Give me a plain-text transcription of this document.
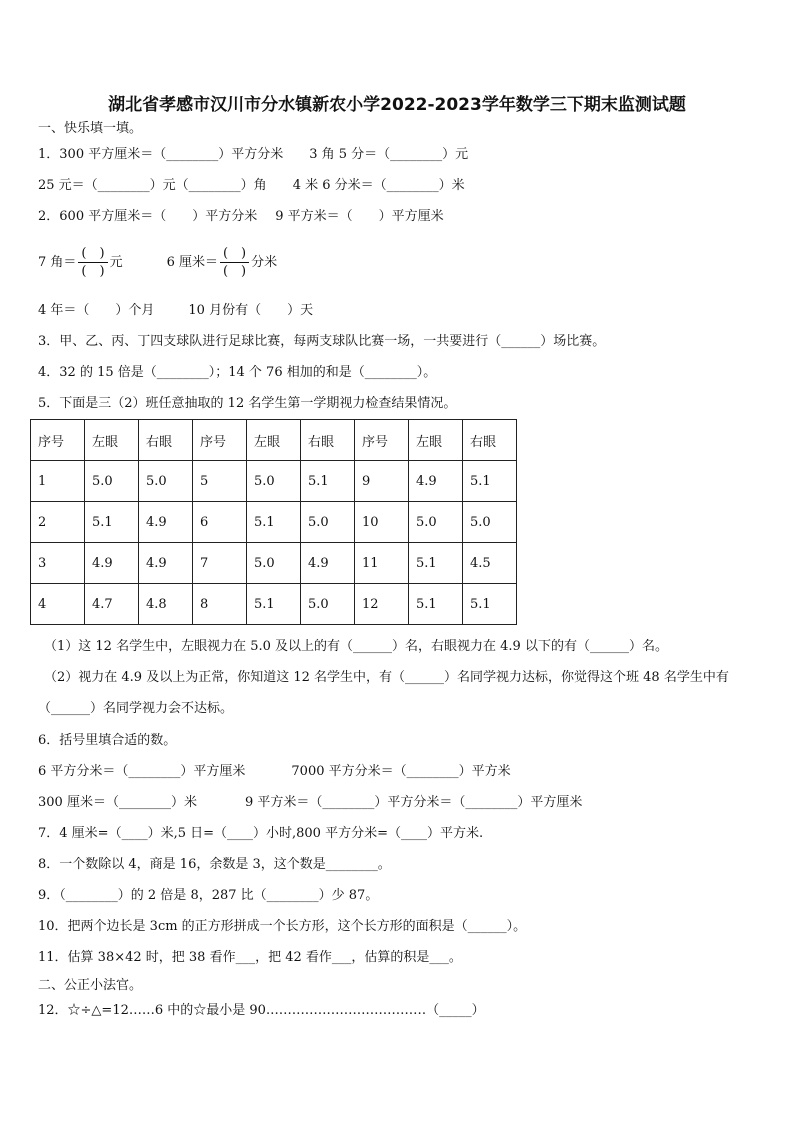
湖北省孝感市汉川市分水镇新农小学2022-2023学年数学三下期末监测试题
一、快乐填一填。
1．300 平方厘米＝（________）平方分米 3 角 5 分＝（________）元
25 元＝（________）元（________）角 4 米 6 分米＝（________）米
2．600 平方厘米＝（　　）平方分米 9 平方米＝（　　）平方厘米
7 角＝ $\frac{( )}{( )}$ 元	6 厘米＝ $\frac{( )}{( )}$ 分米
4 年＝（　　）个月	10 月份有（　　）天
3．甲、乙、丙、丁四支球队进行足球比赛，每两支球队比赛一场，一共要进行（______）场比赛。
4．32 的 15 倍是（________）；14 个 76 相加的和是（________）。
5．下面是三（2）班任意抽取的 12 名学生第一学期视力检查结果情况。
序号	左眼	右眼	序号	左眼	右眼	序号	左眼	右眼
1	5.0	5.0	5	5.0	5.1	9	4.9	5.1
2	5.1	4.9	6	5.1	5.0	10	5.0	5.0
3	4.9	4.9	7	5.0	4.9	11	5.1	4.5
4	4.7	4.8	8	5.1	5.0	12	5.1	5.1
（1）这 12 名学生中，左眼视力在 5.0 及以上的有（______）名，右眼视力在 4.9 以下的有（______）名。
（2）视力在 4.9 及以上为正常，你知道这 12 名学生中，有（______）名同学视力达标，你觉得这个班 48 名学生中有
（______）名同学视力会不达标。
6．括号里填合适的数。
6 平方分米＝（________）平方厘米	7000 平方分米＝（________）平方米
300 厘米＝（________）米	9 平方米＝（________）平方分米＝（________）平方厘米
7．4 厘米=（____）米,5 日=（____）小时,800 平方分米=（____）平方米.
8．一个数除以 4，商是 16，余数是 3，这个数是________。
9．（________）的 2 倍是 8，287 比（________）少 87。
10．把两个边长是 3cm 的正方形拼成一个长方形，这个长方形的面积是（______）。
11．估算 38×42 时，把 38 看作___，把 42 看作___，估算的积是___。
二、公正小法官。
12．☆÷△=12……6 中的☆最小是 90.………………………………（_____）
